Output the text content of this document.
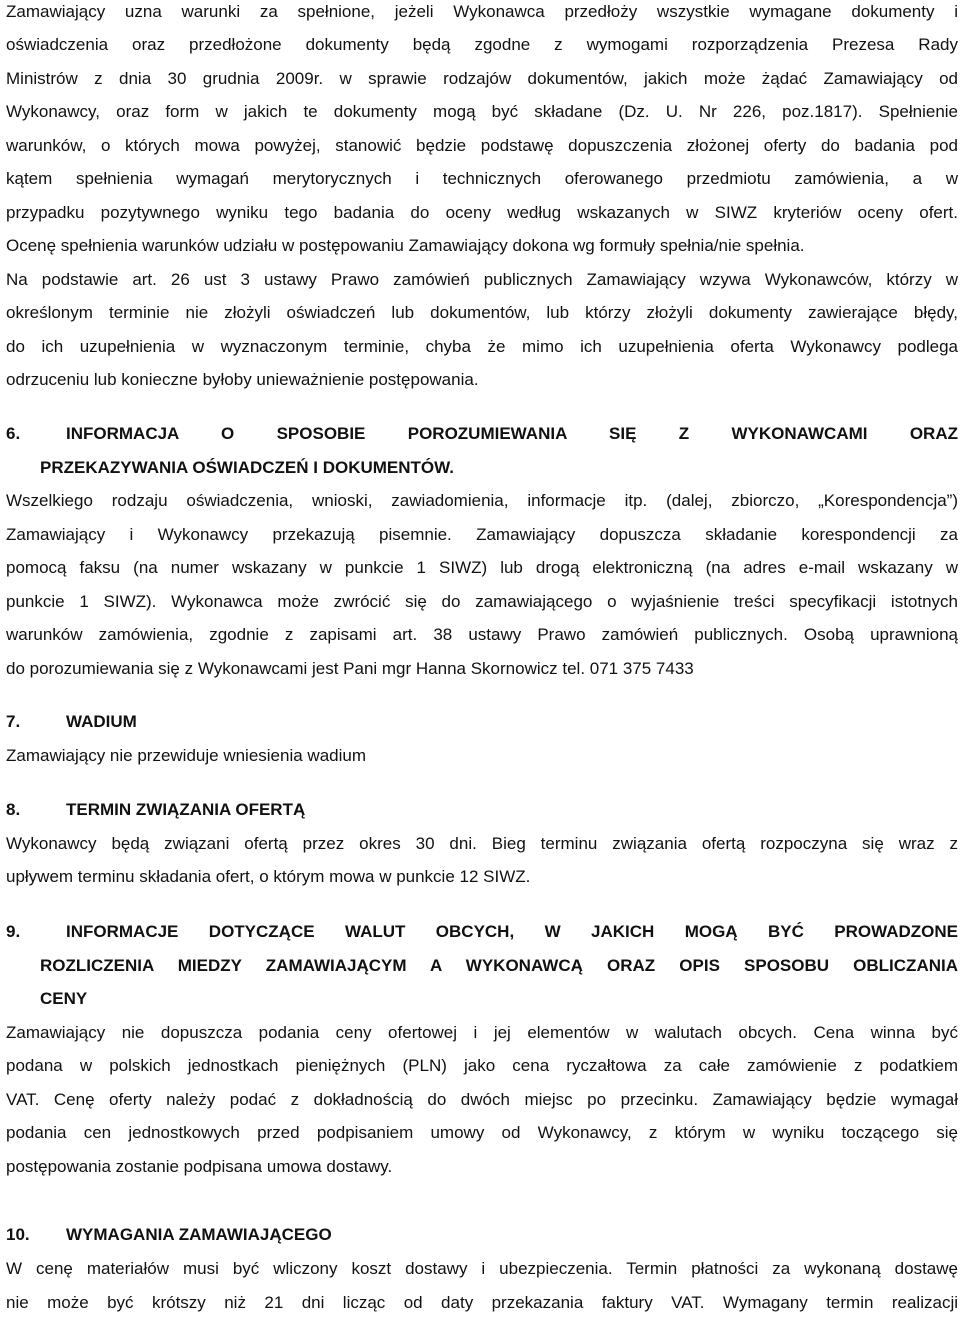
Zamawiający uznа warunki za spełnione, jeżeli Wykonawca przedłoży wszystkie wymagane dokumenty i
oświadczenia oraz przedłożone dokumenty będą zgodne z wymogami rozporządzenia Prezesa Rady
Ministrów z dnia 30 grudnia 2009r. w sprawie rodzajów dokumentów, jakich może żądać Zamawiający od
Wykonawcy, oraz form w jakich te dokumenty mogą być składane (Dz. U. Nr 226, poz.1817). Spełnienie
warunków, o których mowa powyżej, stanowić będzie podstawę dopuszczenia złożonej oferty do badania pod
kątem spełnienia wymagań merytorycznych i technicznych oferowanego przedmiotu zamówienia, a w
przypadku pozytywnego wyniku tego badania do oceny według wskazanych w SIWZ kryteriów oceny ofert.
Ocenę spełnienia warunków udziału w postępowaniu Zamawiający dokona wg formuły spełnia/nie spełnia.
Na podstawie art. 26 ust 3 ustawy Prawo zamówień publicznych Zamawiający wzywa Wykonawców, którzy w
określonym terminie nie złożyli oświadczeń lub dokumentów, lub którzy złożyli dokumenty zawierające błędy,
do ich uzupełnienia w wyznaczonym terminie, chyba że mimo ich uzupełnienia oferta Wykonawcy podlega
odrzuceniu lub konieczne byłoby unieważnienie postępowania.
6.	INFORMACJA O SPOSOBIE POROZUMIEWANIA SIĘ Z WYKONAWCAMI ORAZ
PRZEKAZYWANIA OŚWIADCZEŃ I DOKUMENTÓW.
Wszelkiego rodzaju oświadczenia, wnioski, zawiadomienia, informacje itp. (dalej, zbiorczo, „Korespondencja”)
Zamawiający i Wykonawcy przekazują pisemnie. Zamawiający dopuszcza składanie korespondencji za
pomocą faksu (na numer wskazany w punkcie 1 SIWZ) lub drogą elektroniczną (na adres e-mail wskazany w
punkcie 1 SIWZ). Wykonawca może zwrócić się do zamawiającego o wyjaśnienie treści specyfikacji istotnych
warunków zamówienia, zgodnie z zapisami art. 38 ustawy Prawo zamówień publicznych. Osobą uprawnioną
do porozumiewania się z Wykonawcami jest Pani mgr Hanna Skornowicz tel. 071 375 7433
7.	WADIUM
Zamawiający nie przewiduje wniesienia wadium
8.	TERMIN ZWIĄZANIA OFERTĄ
Wykonawcy będą związani ofertą przez okres 30 dni. Bieg terminu związania ofertą rozpoczyna się wraz z
upływem terminu składania ofert, o którym mowa w punkcie 12 SIWZ.
9.	INFORMACJE DOTYCZĄCE WALUT OBCYCH, W JAKICH MOGĄ BYĆ PROWADZONE
ROZLICZENIA MIEDZY ZAMAWIAJĄCYM A WYKONAWCĄ ORAZ OPIS SPOSOBU OBLICZANIA
CENY
Zamawiający nie dopuszcza podania ceny ofertowej i jej elementów w walutach obcych. Cena winna być
podana w polskich jednostkach pieniężnych (PLN) jako cena ryczałtowa za całe zamówienie z podatkiem
VAT. Cenę oferty należy podać z dokładnością do dwóch miejsc po przecinku. Zamawiający będzie wymagał
podania cen jednostkowych przed podpisaniem umowy od Wykonawcy, z którym w wyniku toczącego się
postępowania zostanie podpisana umowa dostawy.
10. WYMAGANIA ZAMAWIAJĄCEGO
W cenę materiałów musi być wliczony koszt dostawy i ubezpieczenia. Termin płatności za wykonaną dostawę
nie może być krótszy niż 21 dni licząc od daty przekazania faktury VAT. Wymagany termin realizacji
